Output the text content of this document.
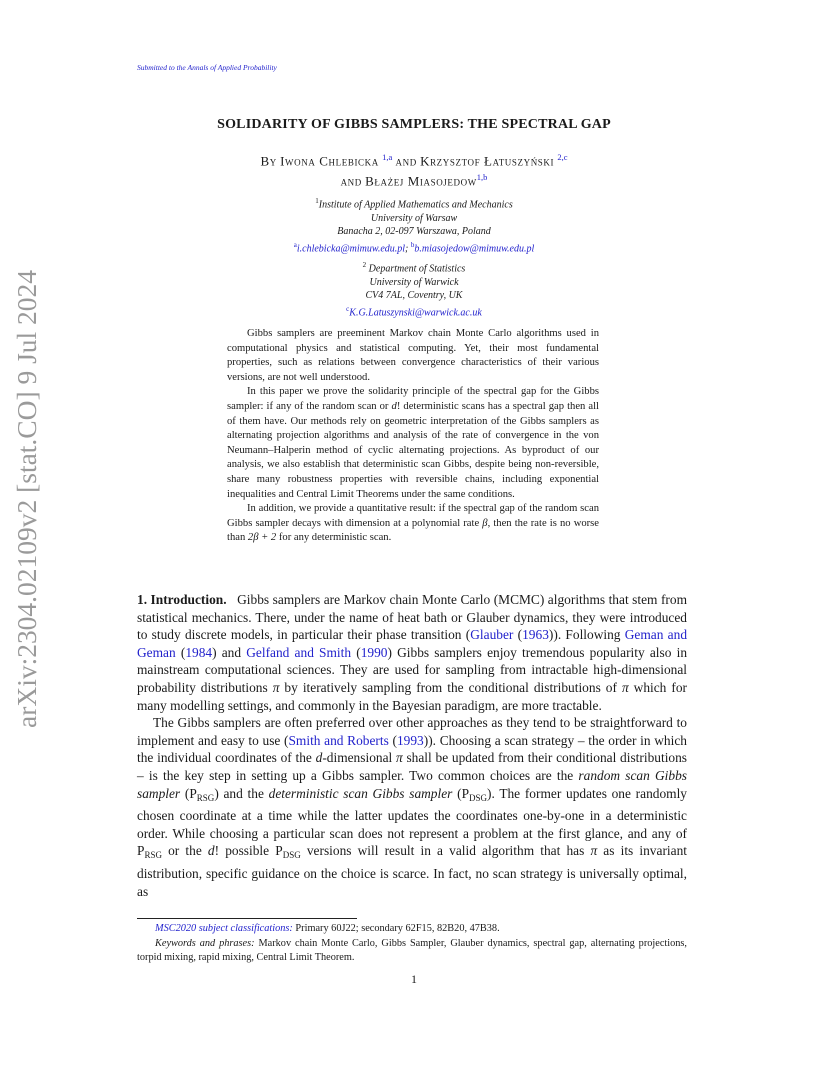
Submitted to the Annals of Applied Probability
arXiv:2304.02109v2 [stat.CO] 9 Jul 2024
SOLIDARITY OF GIBBS SAMPLERS: THE SPECTRAL GAP
By Iwona Chlebicka $^{1,a}$ and Krzysztof Łatuszyński $^{2,c}$
and Błażej Miasojedow$^{1,b}$
$^1$Institute of Applied Mathematics and Mechanics
University of Warsaw
Banacha 2, 02-097 Warszawa, Poland
$^a$i.chlebicka@mimuw.edu.pl; $^b$b.miasojedow@mimuw.edu.pl
$^2$ Department of Statistics
University of Warwick
CV4 7AL, Coventry, UK
$^c$K.G.Latuszynski@warwick.ac.uk

Gibbs samplers are preeminent Markov chain Monte Carlo algorithms used in computational physics and statistical computing. Yet, their most fundamental properties, such as relations between convergence characteristics of their various versions, are not well understood.

In this paper we prove the solidarity principle of the spectral gap for the Gibbs sampler: if any of the random scan or d! deterministic scans has a spectral gap then all of them have. Our methods rely on geometric interpretation of the Gibbs samplers as alternating projection algorithms and analysis of the rate of convergence in the von Neumann–Halperin method of cyclic alternating projections. As byproduct of our analysis, we also establish that deterministic scan Gibbs, despite being non-reversible, share many robustness properties with reversible chains, including exponential inequalities and Central Limit Theorems under the same conditions.

In addition, we provide a quantitative result: if the spectral gap of the random scan Gibbs sampler decays with dimension at a polynomial rate β, then the rate is no worse than 2β + 2 for any deterministic scan.

1. Introduction. Gibbs samplers are Markov chain Monte Carlo (MCMC) algorithms that stem from statistical mechanics. There, under the name of heat bath or Glauber dynamics, they were introduced to study discrete models, in particular their phase transition (Glauber (1963)). Following Geman and Geman (1984) and Gelfand and Smith (1990) Gibbs samplers enjoy tremendous popularity also in mainstream computational sciences. They are used for sampling from intractable high-dimensional probability distributions π by iteratively sampling from the conditional distributions of π which for many modelling settings, and commonly in the Bayesian paradigm, are more tractable.

The Gibbs samplers are often preferred over other approaches as they tend to be straightforward to implement and easy to use (Smith and Roberts (1993)). Choosing a scan strategy – the order in which the individual coordinates of the d-dimensional π shall be updated from their conditional distributions – is the key step in setting up a Gibbs sampler. Two common choices are the random scan Gibbs sampler $(P_{RSG})$ and the deterministic scan Gibbs sampler $(P_{DSG})$. The former updates one randomly chosen coordinate at a time while the latter updates the coordinates one-by-one in a deterministic order. While choosing a particular scan does not represent a problem at the first glance, and any of $P_{RSG}$ or the d! possible $P_{DSG}$ versions will result in a valid algorithm that has π as its invariant distribution, specific guidance on the choice is scarce. In fact, no scan strategy is universally optimal, as

MSC2020 subject classifications: Primary 60J22; secondary 62F15, 82B20, 47B38.

Keywords and phrases: Markov chain Monte Carlo, Gibbs Sampler, Glauber dynamics, spectral gap, alternating projections, torpid mixing, rapid mixing, Central Limit Theorem.

1
